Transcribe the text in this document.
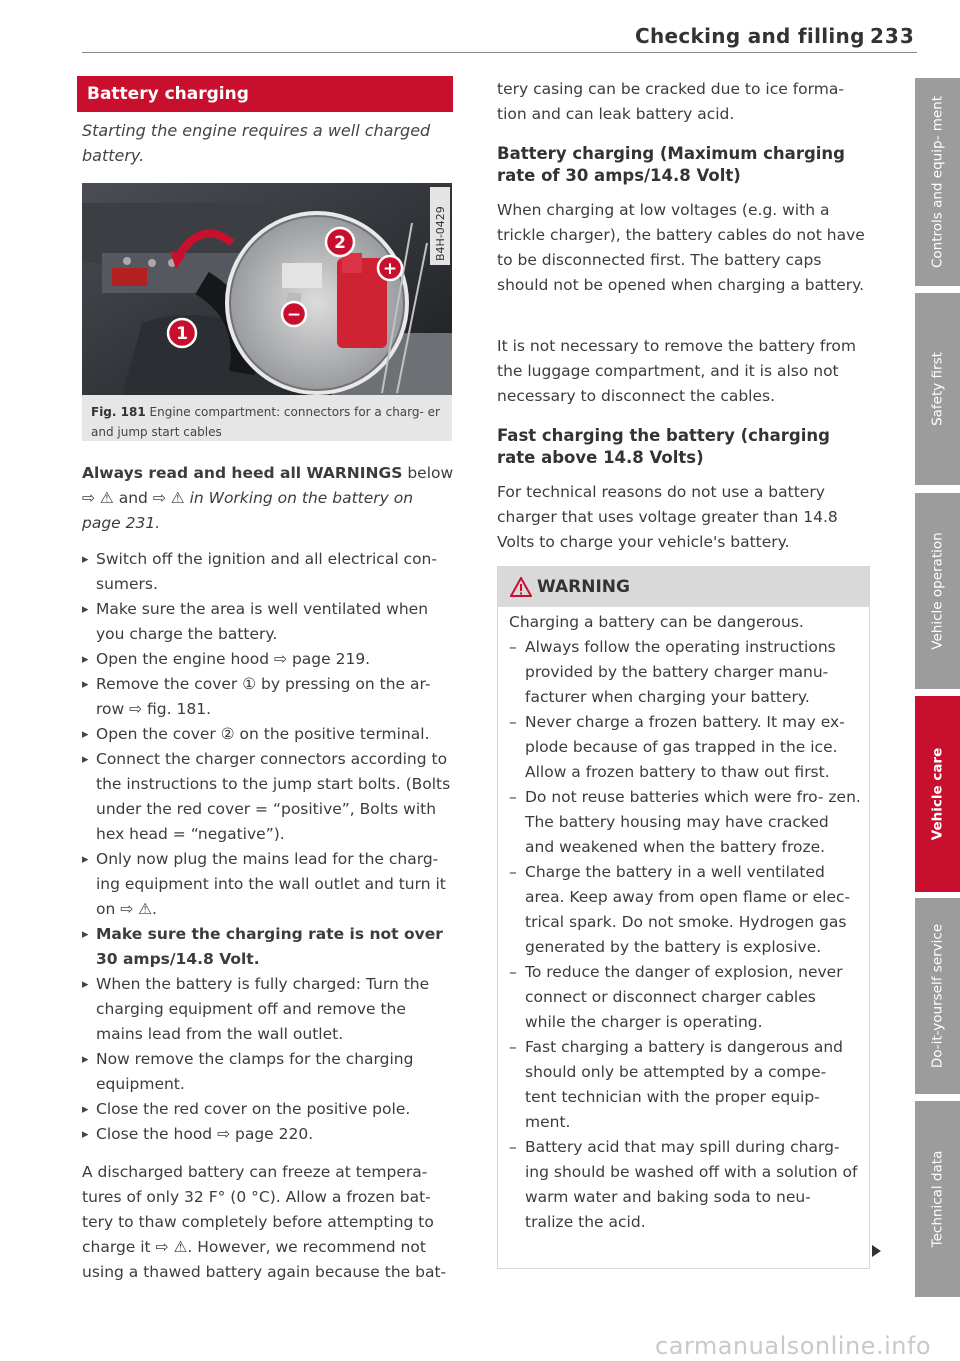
Checking and filling 233
Battery charging
Starting the engine requires a well charged battery.
2
+
−
1
B4H-0429
Fig. 181 Engine compartment: connectors for a charg- er and jump start cables
Always read and heed all WARNINGS below ⇨ ⚠ and ⇨ ⚠ in Working on the battery on page 231.
▸ Switch off the ignition and all electrical con- sumers.
▸ Make sure the area is well ventilated when you charge the battery.
▸ Open the engine hood ⇨ page 219.
▸ Remove the cover ① by pressing on the ar- row ⇨ fig. 181.
▸ Open the cover ② on the positive terminal.
▸ Connect the charger connectors according to the instructions to the jump start bolts. (Bolts under the red cover = “positive”, Bolts with hex head = “negative”).
▸ Only now plug the mains lead for the charg- ing equipment into the wall outlet and turn it on ⇨ ⚠.
▸ Make sure the charging rate is not over 30 amps/14.8 Volt.
▸ When the battery is fully charged: Turn the charging equipment off and remove the mains lead from the wall outlet.
▸ Now remove the clamps for the charging equipment.
▸ Close the red cover on the positive pole.
▸ Close the hood ⇨ page 220.
A discharged battery can freeze at tempera- tures of only 32 F° (0 °C). Allow a frozen bat- tery to thaw completely before attempting to charge it ⇨ ⚠. However, we recommend not using a thawed battery again because the bat-
tery casing can be cracked due to ice forma- tion and can leak battery acid.
Battery charging (Maximum charging rate of 30 amps/14.8 Volt)
When charging at low voltages (e.g. with a trickle charger), the battery cables do not have to be disconnected first. The battery caps should not be opened when charging a battery.
It is not necessary to remove the battery from the luggage compartment, and it is also not necessary to disconnect the cables.
Fast charging the battery (charging rate above 14.8 Volts)
For technical reasons do not use a battery charger that uses voltage greater than 14.8 Volts to charge your vehicle's battery.
WARNING
Charging a battery can be dangerous.
– Always follow the operating instructions provided by the battery charger manu- facturer when charging your battery.
– Never charge a frozen battery. It may ex- plode because of gas trapped in the ice. Allow a frozen battery to thaw out first.
– Do not reuse batteries which were fro- zen. The battery housing may have cracked and weakened when the battery froze.
– Charge the battery in a well ventilated area. Keep away from open flame or elec- trical spark. Do not smoke. Hydrogen gas generated by the battery is explosive.
– To reduce the danger of explosion, never connect or disconnect charger cables while the charger is operating.
– Fast charging a battery is dangerous and should only be attempted by a compe- tent technician with the proper equip- ment.
– Battery acid that may spill during charg- ing should be washed off with a solution of warm water and baking soda to neu- tralize the acid.
Controls and equip- ment
Safety first
Vehicle operation
Vehicle care
Do-it-yourself service
Technical data
carmanualsonline.info
